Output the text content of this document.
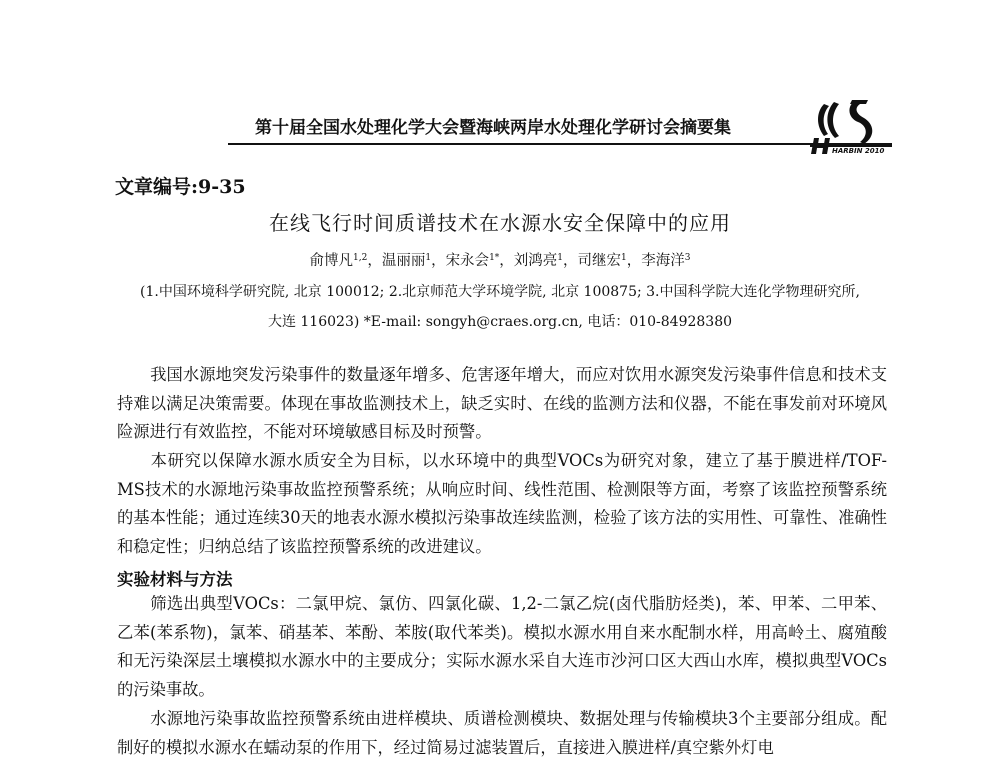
第十届全国水处理化学大会暨海峡两岸水处理化学研讨会摘要集
HARBIN 2010
文章编号:9-35
在线飞行时间质谱技术在水源水安全保障中的应用
俞博凡$^{1,2}$，温丽丽$^1$，宋永会$^{1*}$，刘鸿亮$^1$，司继宏$^1$，李海洋$^3$
(1.中国环境科学研究院, 北京 100012; 2.北京师范大学环境学院, 北京 100875; 3.中国科学院大连化学物理研究所,
大连 116023) *E-mail: songyh@craes.org.cn, 电话：010-84928380

我国水源地突发污染事件的数量逐年增多、危害逐年增大，而应对饮用水源突发污染事件信息和技术支持难以满足决策需要。体现在事故监测技术上，缺乏实时、在线的监测方法和仪器，不能在事发前对环境风险源进行有效监控，不能对环境敏感目标及时预警。

本研究以保障水源水质安全为目标，以水环境中的典型VOCs为研究对象，建立了基于膜进样/TOF-MS技术的水源地污染事故监控预警系统；从响应时间、线性范围、检测限等方面，考察了该监控预警系统的基本性能；通过连续30天的地表水源水模拟污染事故连续监测，检验了该方法的实用性、可靠性、准确性和稳定性；归纳总结了该监控预警系统的改进建议。

实验材料与方法

筛选出典型VOCs：二氯甲烷、氯仿、四氯化碳、1,2-二氯乙烷(卤代脂肪烃类)，苯、甲苯、二甲苯、乙苯(苯系物)，氯苯、硝基苯、苯酚、苯胺(取代苯类)。模拟水源水用自来水配制水样，用高岭土、腐殖酸和无污染深层土壤模拟水源水中的主要成分；实际水源水采自大连市沙河口区大西山水库，模拟典型VOCs的污染事故。

水源地污染事故监控预警系统由进样模块、质谱检测模块、数据处理与传输模块3个主要部分组成。配制好的模拟水源水在蠕动泵的作用下，经过简易过滤装置后，直接进入膜进样/真空紫外灯电
